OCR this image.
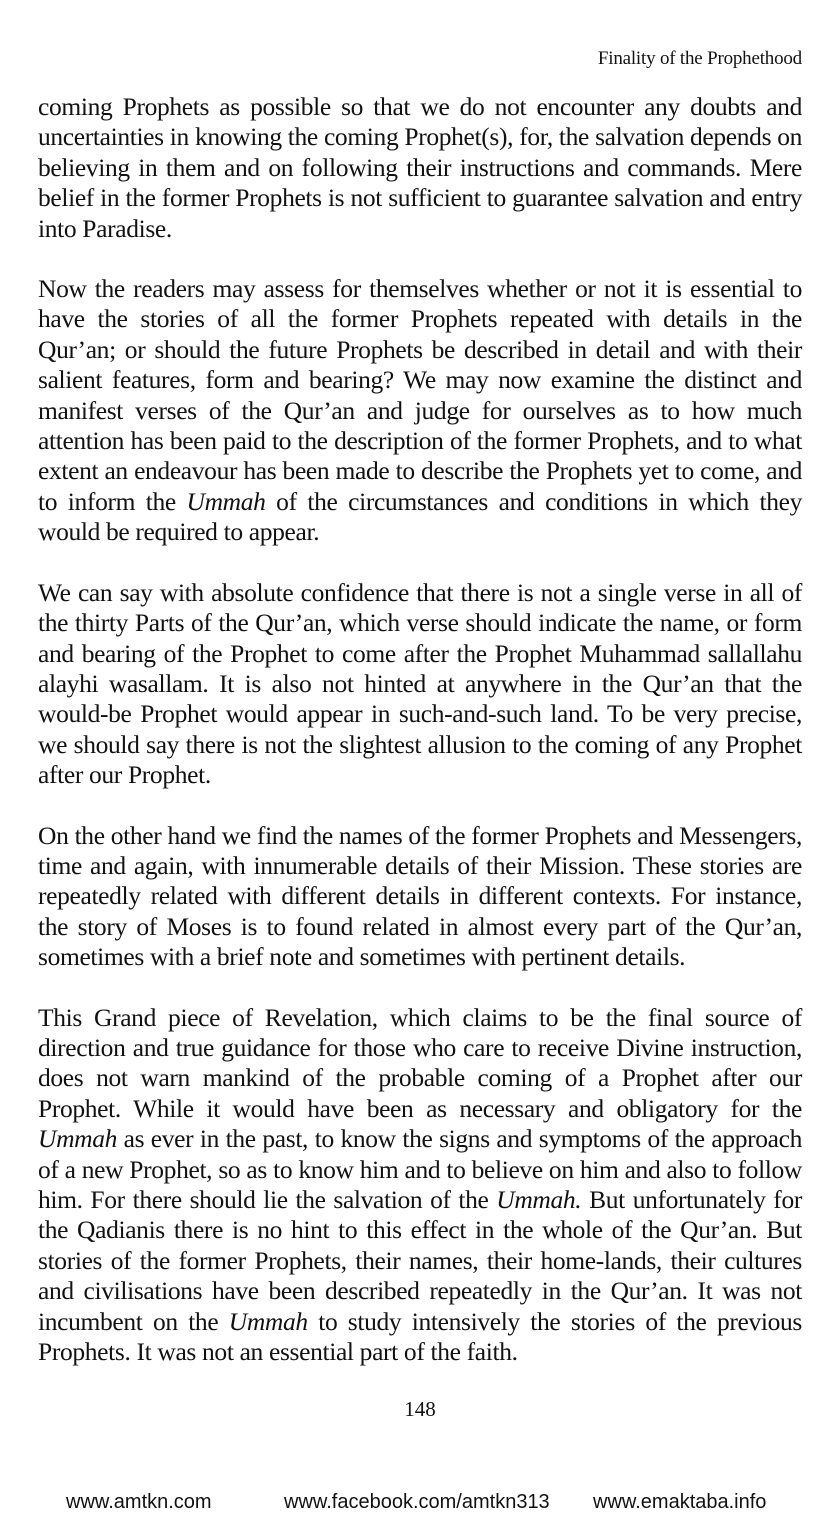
Finality of the Prophethood

coming Prophets as possible so that we do not encounter any doubts and uncertainties in knowing the coming Prophet(s), for, the salvation depends on believing in them and on following their instructions and commands. Mere belief in the former Prophets is not sufficient to guarantee salvation and entry into Paradise.

Now the readers may assess for themselves whether or not it is essential to have the stories of all the former Prophets repeated with details in the Qur’an; or should the future Prophets be described in detail and with their salient features, form and bearing? We may now examine the distinct and manifest verses of the Qur’an and judge for ourselves as to how much attention has been paid to the description of the former Prophets, and to what extent an endeavour has been made to describe the Prophets yet to come, and to inform the Ummah of the circumstances and conditions in which they would be required to appear.

We can say with absolute confidence that there is not a single verse in all of the thirty Parts of the Qur’an, which verse should indicate the name, or form and bearing of the Prophet to come after the Prophet Muhammad sallallahu alayhi wasallam. It is also not hinted at anywhere in the Qur’an that the would-be Prophet would appear in such-and-such land. To be very precise, we should say there is not the slightest allusion to the coming of any Prophet after our Prophet.

On the other hand we find the names of the former Prophets and Messengers, time and again, with innumerable details of their Mission. These stories are repeatedly related with different details in different contexts. For instance, the story of Moses is to found related in almost every part of the Qur’an, sometimes with a brief note and sometimes with pertinent details.

This Grand piece of Revelation, which claims to be the final source of direction and true guidance for those who care to receive Divine instruction, does not warn mankind of the probable coming of a Prophet after our Prophet. While it would have been as necessary and obligatory for the Ummah as ever in the past, to know the signs and symptoms of the approach of a new Prophet, so as to know him and to believe on him and also to follow him. For there should lie the salvation of the Ummah. But unfortunately for the Qadianis there is no hint to this effect in the whole of the Qur’an. But stories of the former Prophets, their names, their home-lands, their cultures and civilisations have been described repeatedly in the Qur’an. It was not incumbent on the Ummah to study intensively the stories of the previous Prophets. It was not an essential part of the faith.

148
www.amtkn.com	www.facebook.com/amtkn313 www.emaktaba.info
